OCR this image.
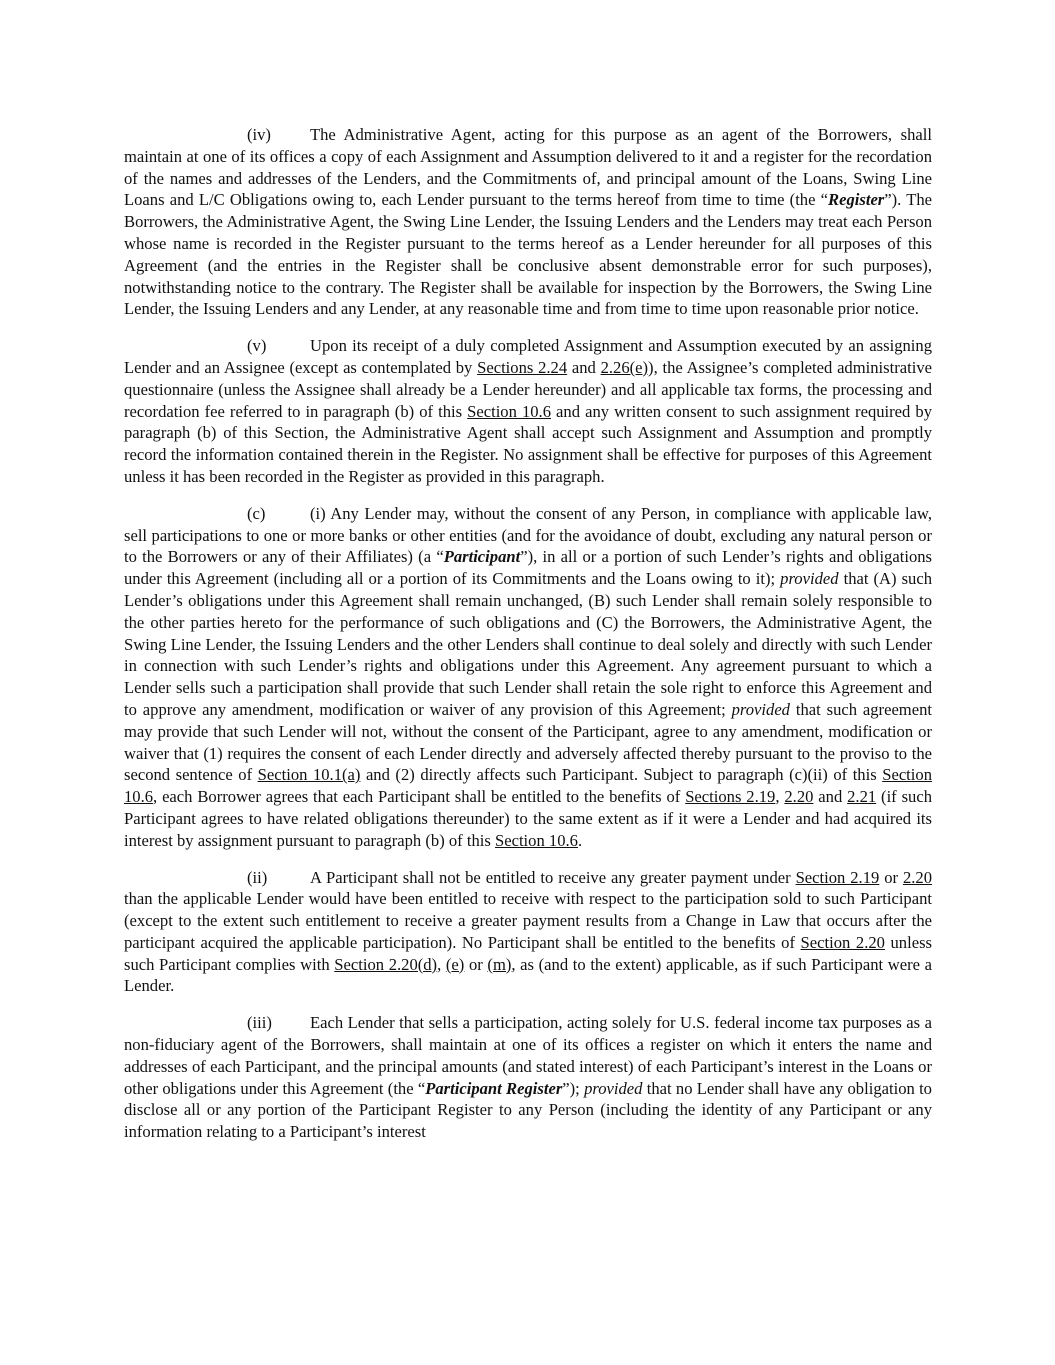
(iv) The Administrative Agent, acting for this purpose as an agent of the Borrowers, shall maintain at one of its offices a copy of each Assignment and Assumption delivered to it and a register for the recordation of the names and addresses of the Lenders, and the Commitments of, and principal amount of the Loans, Swing Line Loans and L/C Obligations owing to, each Lender pursuant to the terms hereof from time to time (the “Register”). The Borrowers, the Administrative Agent, the Swing Line Lender, the Issuing Lenders and the Lenders may treat each Person whose name is recorded in the Register pursuant to the terms hereof as a Lender hereunder for all purposes of this Agreement (and the entries in the Register shall be conclusive absent demonstrable error for such purposes), notwithstanding notice to the contrary. The Register shall be available for inspection by the Borrowers, the Swing Line Lender, the Issuing Lenders and any Lender, at any reasonable time and from time to time upon reasonable prior notice.

(v)	Upon its receipt of a duly completed Assignment and Assumption executed by an assigning Lender and an Assignee (except as contemplated by Sections 2.24 and 2.26(e)), the Assignee’s completed administrative questionnaire (unless the Assignee shall already be a Lender hereunder) and all applicable tax forms, the processing and recordation fee referred to in paragraph (b) of this Section 10.6 and any written consent to such assignment required by paragraph (b) of this Section, the Administrative Agent shall accept such Assignment and Assumption and promptly record the information contained therein in the Register. No assignment shall be effective for purposes of this Agreement unless it has been recorded in the Register as provided in this paragraph.

(c)	(i) Any Lender may, without the consent of any Person, in compliance with applicable law, sell participations to one or more banks or other entities (and for the avoidance of doubt, excluding any natural person or to the Borrowers or any of their Affiliates) (a “Participant”), in all or a portion of such Lender’s rights and obligations under this Agreement (including all or a portion of its Commitments and the Loans owing to it); provided that (A) such Lender’s obligations under this Agreement shall remain unchanged, (B) such Lender shall remain solely responsible to the other parties hereto for the performance of such obligations and (C) the Borrowers, the Administrative Agent, the Swing Line Lender, the Issuing Lenders and the other Lenders shall continue to deal solely and directly with such Lender in connection with such Lender’s rights and obligations under this Agreement. Any agreement pursuant to which a Lender sells such a participation shall provide that such Lender shall retain the sole right to enforce this Agreement and to approve any amendment, modification or waiver of any provision of this Agreement; provided that such agreement may provide that such Lender will not, without the consent of the Participant, agree to any amendment, modification or waiver that (1) requires the consent of each Lender directly and adversely affected thereby pursuant to the proviso to the second sentence of Section 10.1(a) and (2) directly affects such Participant. Subject to paragraph (c)(ii) of this Section 10.6, each Borrower agrees that each Participant shall be entitled to the benefits of Sections 2.19, 2.20 and 2.21 (if such Participant agrees to have related obligations thereunder) to the same extent as if it were a Lender and had acquired its interest by assignment pursuant to paragraph (b) of this Section 10.6.

(ii)	A Participant shall not be entitled to receive any greater payment under Section 2.19 or 2.20 than the applicable Lender would have been entitled to receive with respect to the participation sold to such Participant (except to the extent such entitlement to receive a greater payment results from a Change in Law that occurs after the participant acquired the applicable participation). No Participant shall be entitled to the benefits of Section 2.20 unless such Participant complies with Section 2.20(d), (e) or (m), as (and to the extent) applicable, as if such Participant were a Lender.

(iii) Each Lender that sells a participation, acting solely for U.S. federal income tax purposes as a non-fiduciary agent of the Borrowers, shall maintain at one of its offices a register on which it enters the name and addresses of each Participant, and the principal amounts (and stated interest) of each Participant’s interest in the Loans or other obligations under this Agreement (the “Participant Register”); provided that no Lender shall have any obligation to disclose all or any portion of the Participant Register to any Person (including the identity of any Participant or any information relating to a Participant’s interest
